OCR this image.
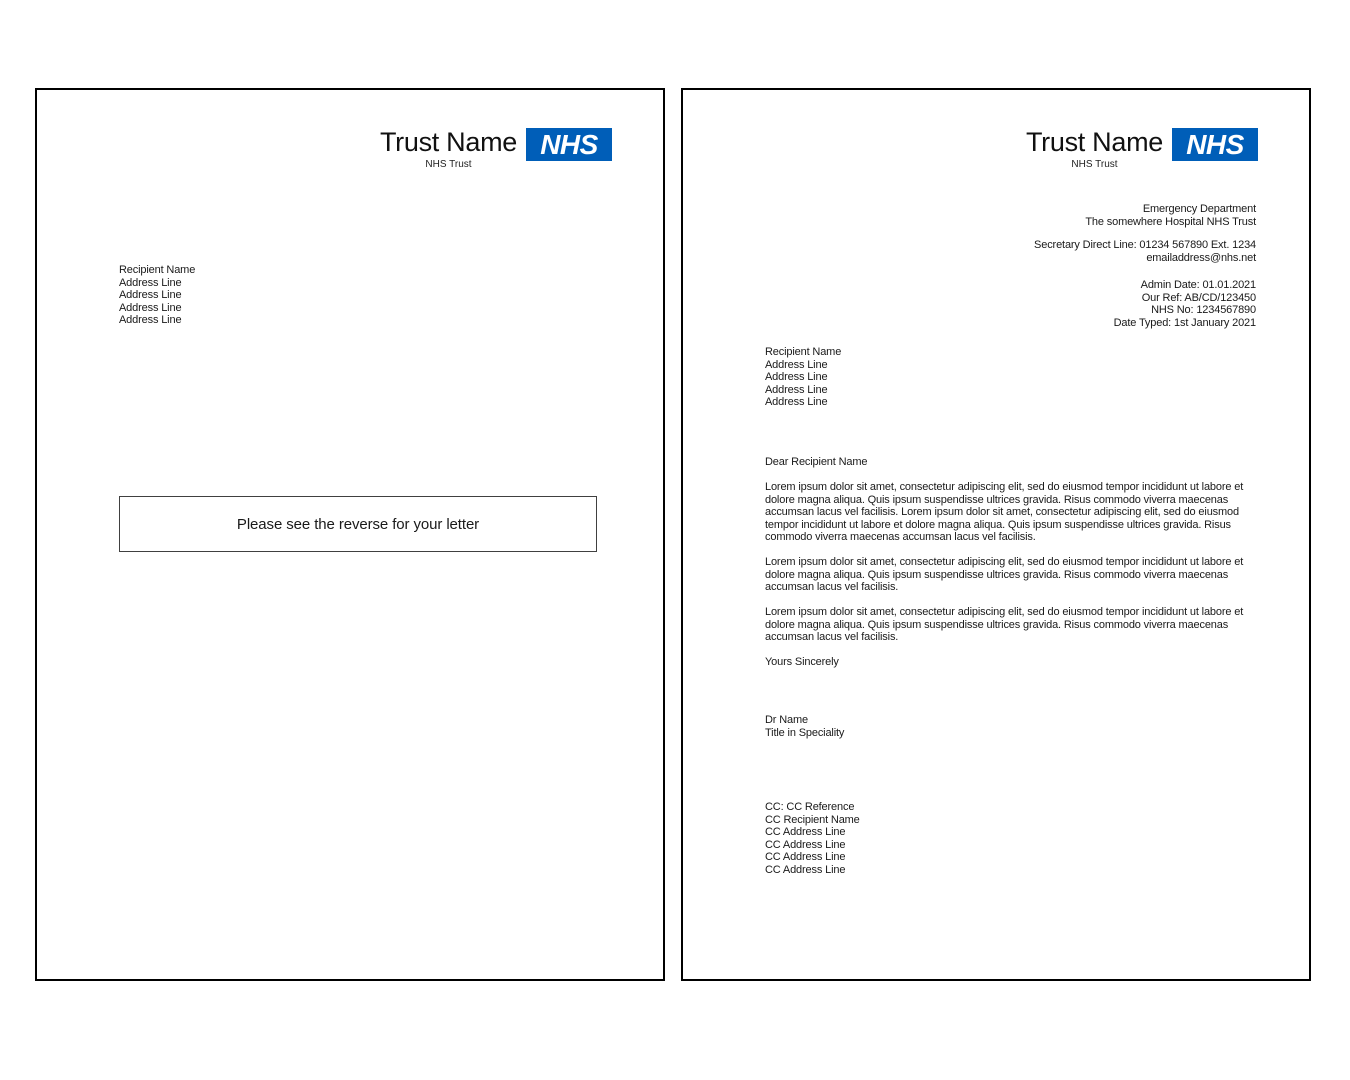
Trust Name
NHS Trust
NHS
Recipient Name
Address Line
Address Line
Address Line
Address Line
Please see the reverse for your letter
Trust Name
NHS Trust
NHS
Emergency Department
The somewhere Hospital NHS Trust
Secretary Direct Line: 01234 567890 Ext. 1234
emailaddress@nhs.net
Admin Date: 01.01.2021
Our Ref: AB/CD/123450
NHS No: 1234567890
Date Typed: 1st January 2021
Recipient Name
Address Line
Address Line
Address Line
Address Line

Dear Recipient Name

Lorem ipsum dolor sit amet, consectetur adipiscing elit, sed do eiusmod tempor incididunt ut labore et dolore magna aliqua. Quis ipsum suspendisse ultrices gravida. Risus commodo viverra maecenas accumsan lacus vel facilisis. Lorem ipsum dolor sit amet, consectetur adipiscing elit, sed do eiusmod tempor incididunt ut labore et dolore magna aliqua. Quis ipsum suspendisse ultrices gravida. Risus commodo viverra maecenas accumsan lacus vel facilisis.

Lorem ipsum dolor sit amet, consectetur adipiscing elit, sed do eiusmod tempor incididunt ut labore et dolore magna aliqua. Quis ipsum suspendisse ultrices gravida. Risus commodo viverra maecenas accumsan lacus vel facilisis.

Lorem ipsum dolor sit amet, consectetur adipiscing elit, sed do eiusmod tempor incididunt ut labore et dolore magna aliqua. Quis ipsum suspendisse ultrices gravida. Risus commodo viverra maecenas accumsan lacus vel facilisis.

Yours Sincerely

Dr Name
Title in Speciality
CC: CC Reference
CC Recipient Name
CC Address Line
CC Address Line
CC Address Line
CC Address Line
